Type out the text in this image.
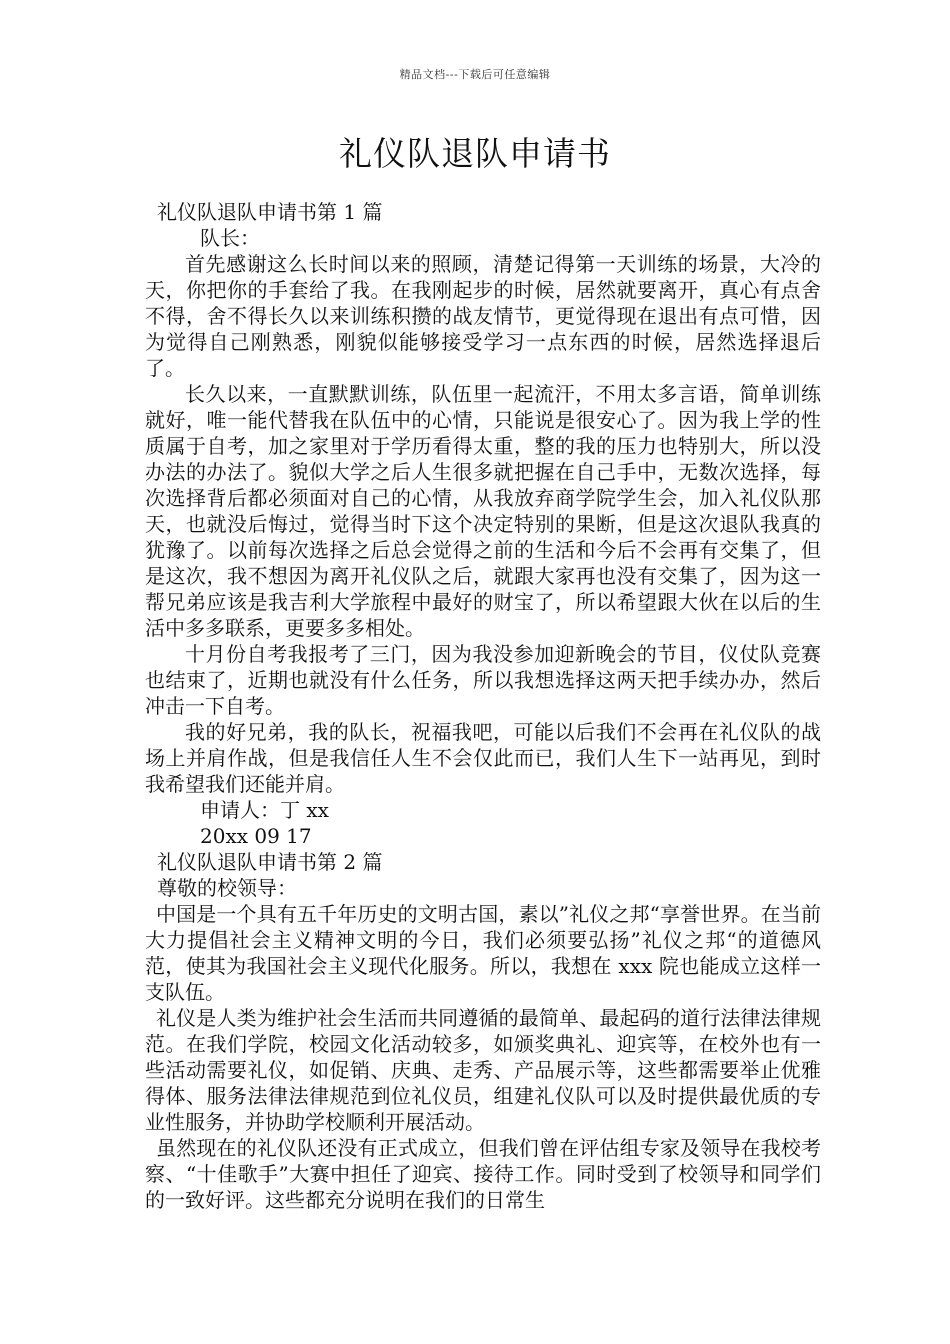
精品文档---下载后可任意编辑
礼仪队退队申请书

礼仪队退队申请书第 1 篇

队长：

首先感谢这么长时间以来的照顾，清楚记得第一天训练的场景，大冷的天，你把你的手套给了我。在我刚起步的时候，居然就要离开，真心有点舍不得，舍不得长久以来训练积攒的战友情节，更觉得现在退出有点可惜，因为觉得自己刚熟悉，刚貌似能够接受学习一点东西的时候，居然选择退后了。

长久以来，一直默默训练，队伍里一起流汗，不用太多言语，简单训练就好，唯一能代替我在队伍中的心情，只能说是很安心了。因为我上学的性质属于自考，加之家里对于学历看得太重，整的我的压力也特别大，所以没办法的办法了。貌似大学之后人生很多就把握在自己手中，无数次选择，每次选择背后都必须面对自己的心情，从我放弃商学院学生会，加入礼仪队那天，也就没后悔过，觉得当时下这个决定特别的果断，但是这次退队我真的犹豫了。以前每次选择之后总会觉得之前的生活和今后不会再有交集了，但是这次，我不想因为离开礼仪队之后，就跟大家再也没有交集了，因为这一帮兄弟应该是我吉利大学旅程中最好的财宝了，所以希望跟大伙在以后的生活中多多联系，更要多多相处。

十月份自考我报考了三门，因为我没参加迎新晚会的节目，仪仗队竞赛也结束了，近期也就没有什么任务，所以我想选择这两天把手续办办，然后冲击一下自考。

我的好兄弟，我的队长，祝福我吧，可能以后我们不会再在礼仪队的战场上并肩作战，但是我信任人生不会仅此而已，我们人生下一站再见，到时我希望我们还能并肩。

申请人：丁 xx

20xx 09 17

礼仪队退队申请书第 2 篇

尊敬的校领导：

中国是一个具有五千年历史的文明古国，素以”礼仪之邦“享誉世界。在当前大力提倡社会主义精神文明的今日，我们必须要弘扬”礼仪之邦“的道德风范，使其为我国社会主义现代化服务。所以，我想在 xxx 院也能成立这样一支队伍。

礼仪是人类为维护社会生活而共同遵循的最简单、最起码的道行法律法律规范。在我们学院，校园文化活动较多，如颁奖典礼、迎宾等，在校外也有一些活动需要礼仪，如促销、庆典、走秀、产品展示等，这些都需要举止优雅得体、服务法律法律规范到位礼仪员，组建礼仪队可以及时提供最优质的专业性服务，并协助学校顺利开展活动。

虽然现在的礼仪队还没有正式成立，但我们曾在评估组专家及领导在我校考察、“十佳歌手”大赛中担任了迎宾、接待工作。同时受到了校领导和同学们的一致好评。这些都充分说明在我们的日常生
